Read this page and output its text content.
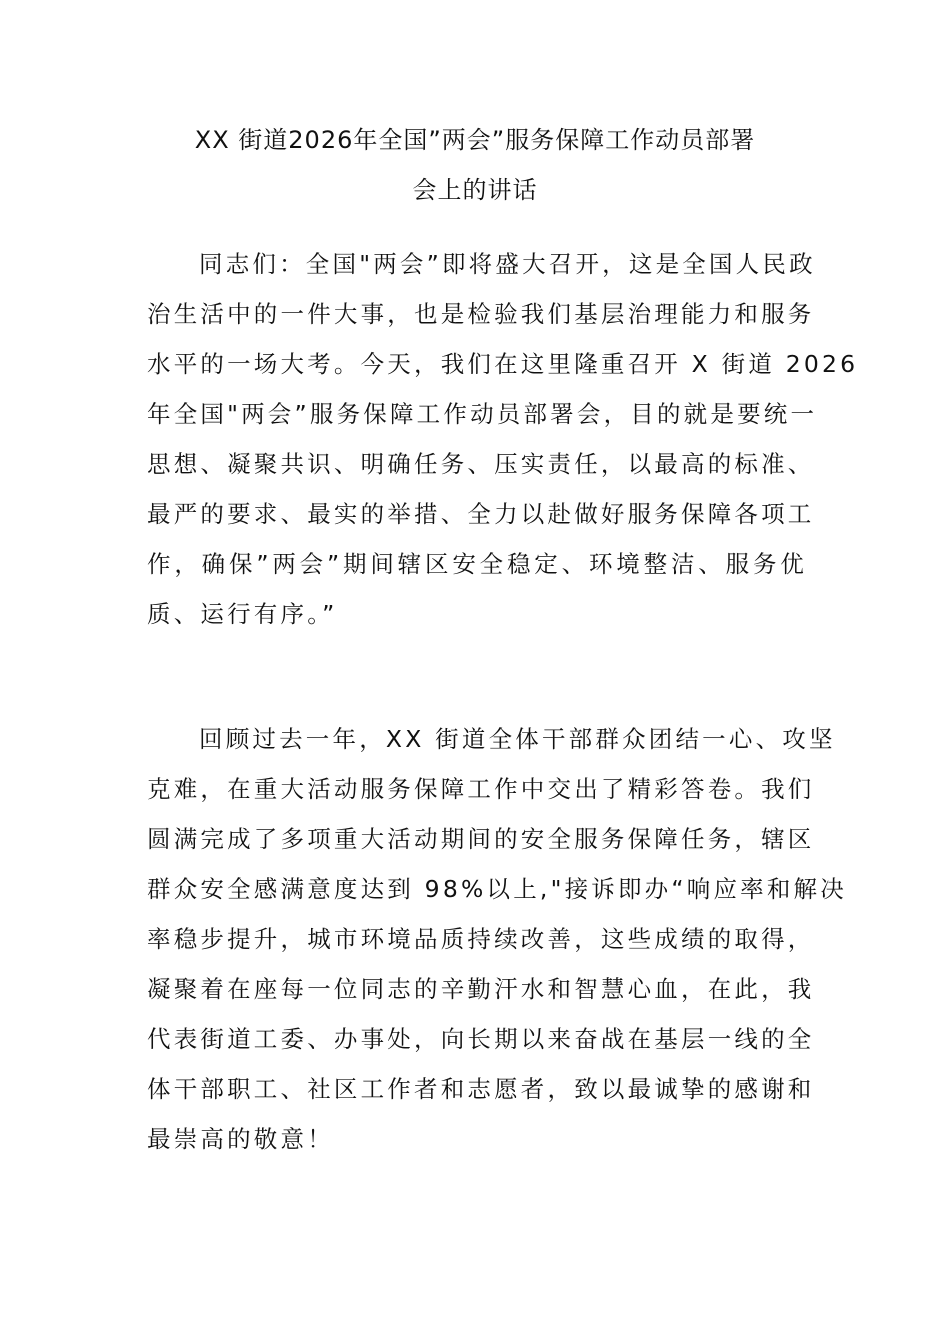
XX 街道2026年全国”两会”服务保障工作动员部署
会上的讲话
同志们：全国"两会”即将盛大召开，这是全国人民政
治生活中的一件大事，也是检验我们基层治理能力和服务
水平的一场大考。今天，我们在这里隆重召开 X 街道 2026
年全国"两会”服务保障工作动员部署会，目的就是要统一
思想、凝聚共识、明确任务、压实责任，以最高的标准、
最严的要求、最实的举措、全力以赴做好服务保障各项工
作，确保”两会”期间辖区安全稳定、环境整洁、服务优
质、运行有序。”
回顾过去一年，XX 街道全体干部群众团结一心、攻坚
克难，在重大活动服务保障工作中交出了精彩答卷。我们
圆满完成了多项重大活动期间的安全服务保障任务，辖区
群众安全感满意度达到 98%以上,"接诉即办“响应率和解决
率稳步提升，城市环境品质持续改善，这些成绩的取得，
凝聚着在座每一位同志的辛勤汗水和智慧心血，在此，我
代表街道工委、办事处，向长期以来奋战在基层一线的全
体干部职工、社区工作者和志愿者，致以最诚挚的感谢和
最崇高的敬意！
